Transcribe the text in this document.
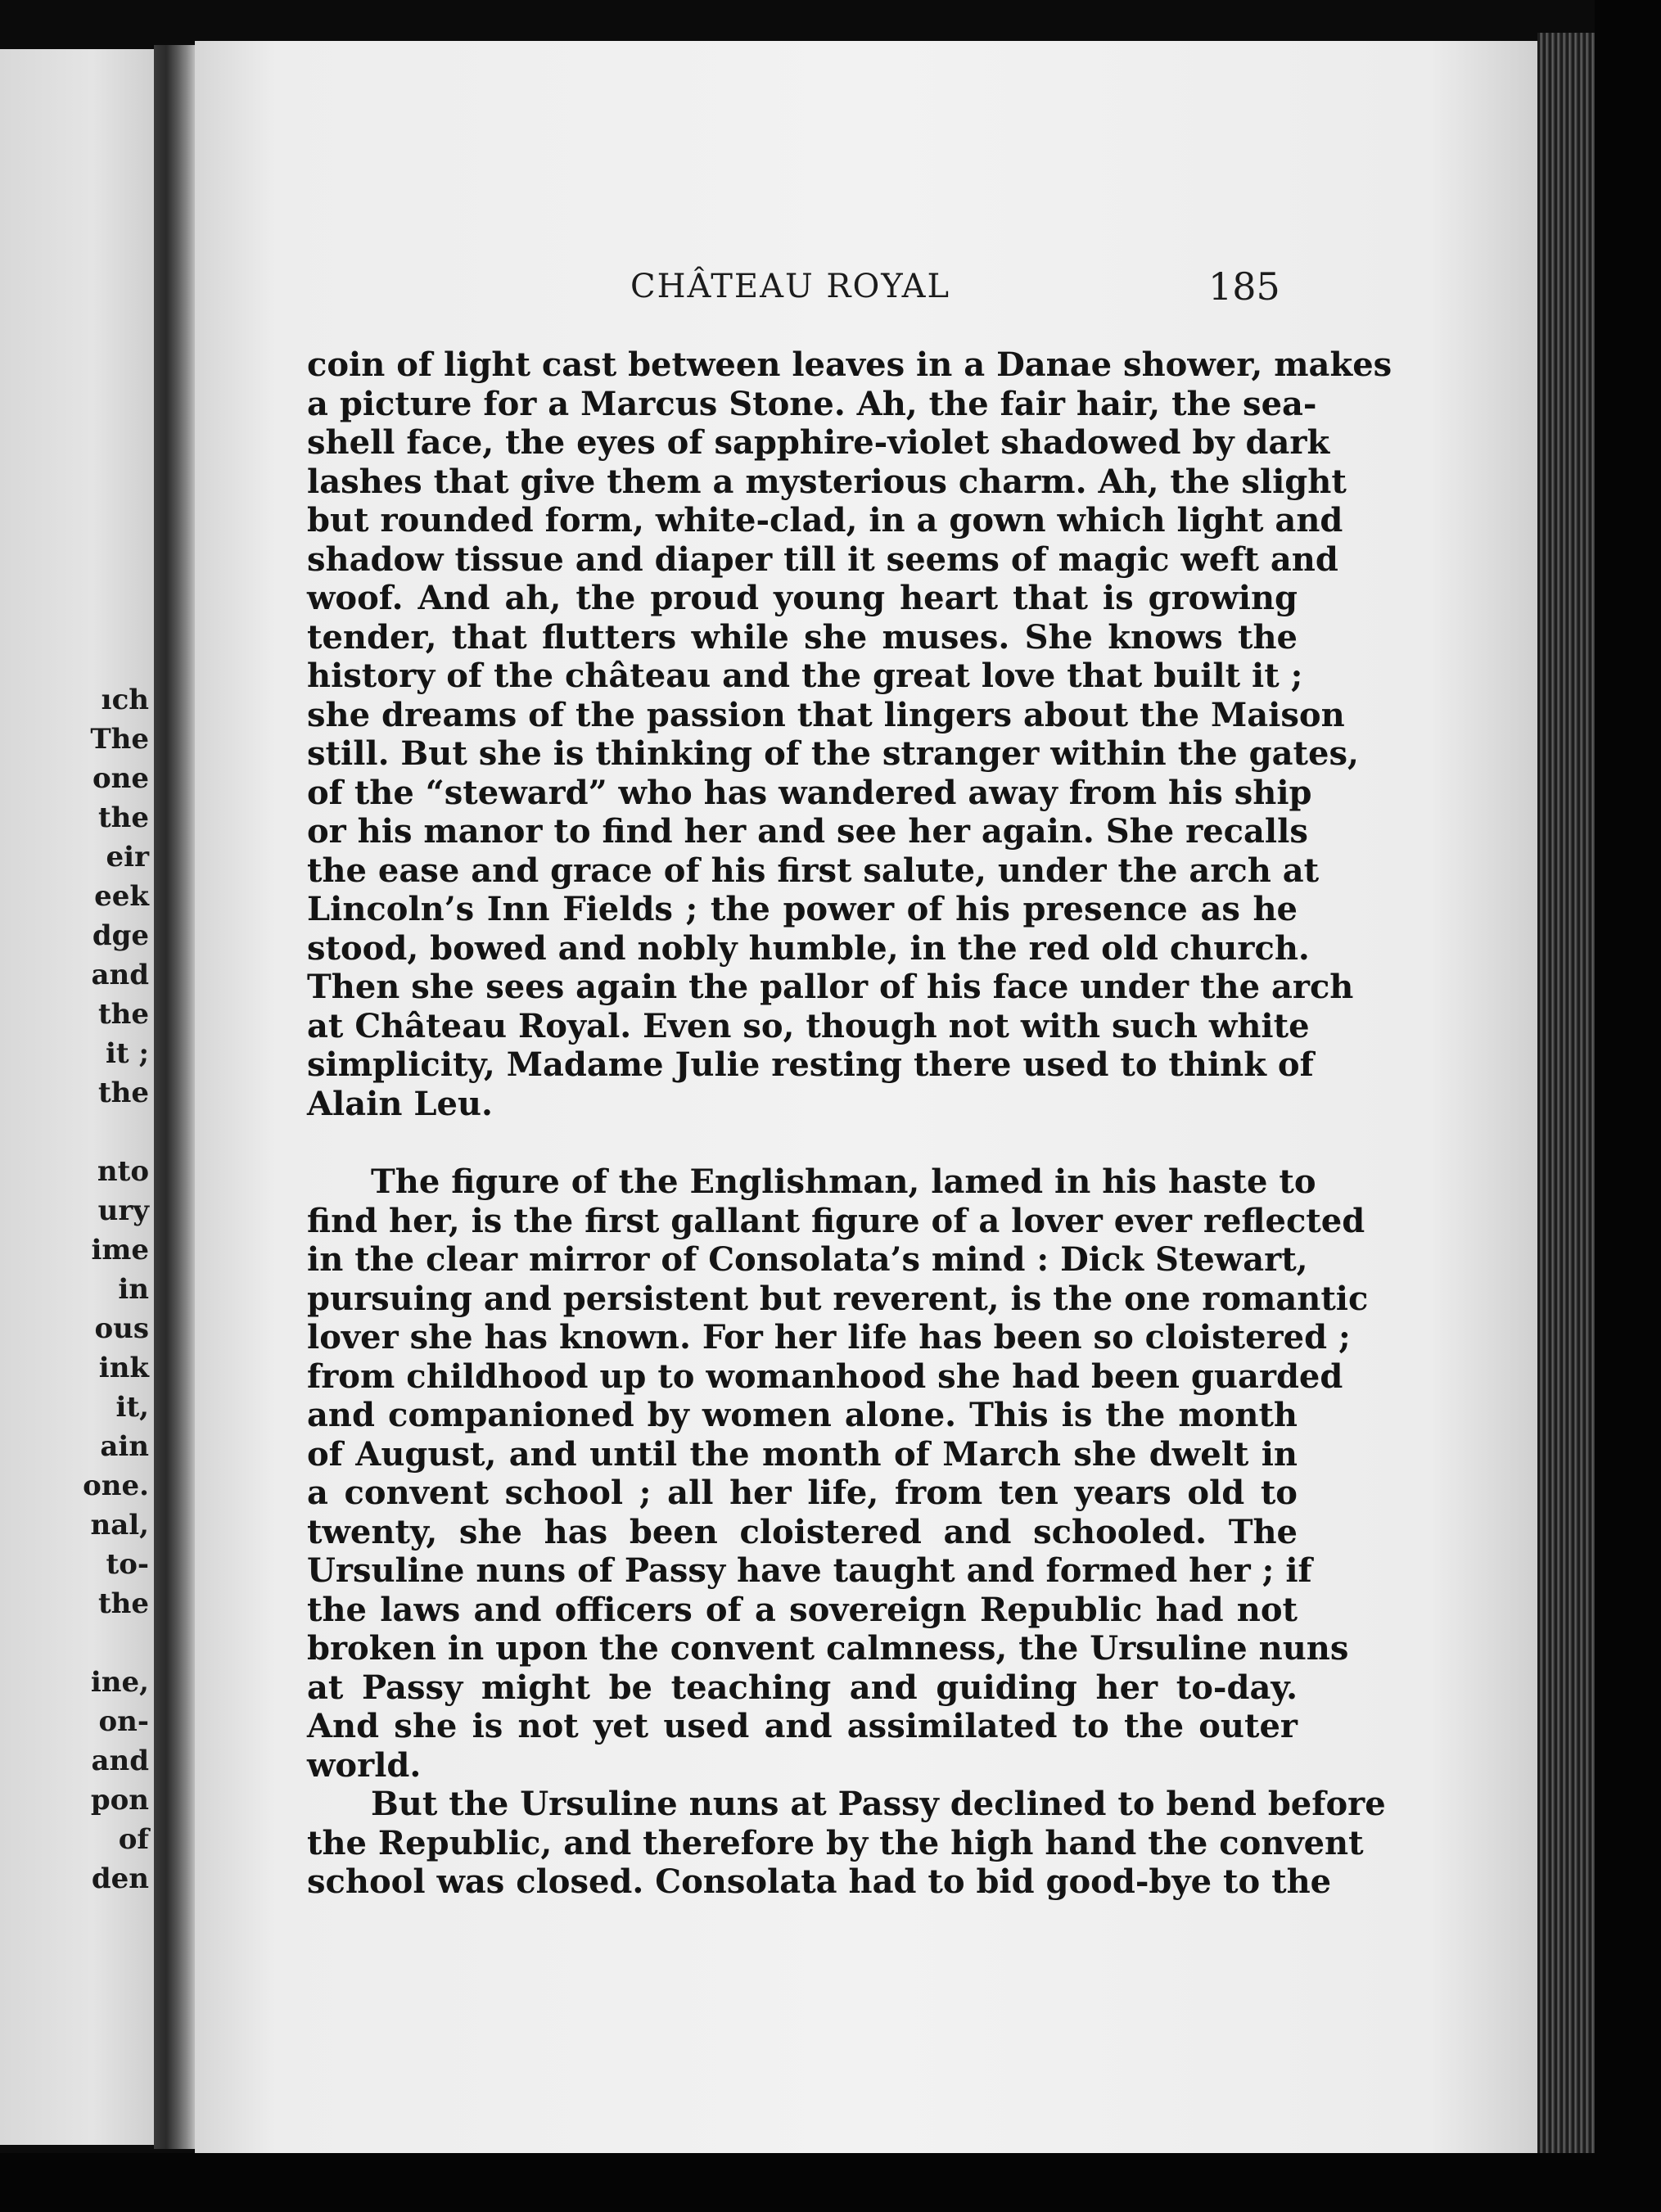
ıch
The
one
the
eir
eek
dge
and
the
it ;
the
nto
ury
ime
in
ous
ink
it,
ain
one.
nal,
to-
the
ine,
on-
and
pon
of
den
CHÂTEAU ROYAL	185
coin of light cast between leaves in a Danae shower, makes
a picture for a Marcus Stone. Ah, the fair hair, the sea-
shell face, the eyes of sapphire-violet shadowed by dark
lashes that give them a mysterious charm. Ah, the slight
but rounded form, white-clad, in a gown which light and
shadow tissue and diaper till it seems of magic weft and
woof. And ah, the proud young heart that is growing
tender, that flutters while she muses. She knows the
history of the château and the great love that built it ;
she dreams of the passion that lingers about the Maison
still. But she is thinking of the stranger within the gates,
of the “steward” who has wandered away from his ship
or his manor to find her and see her again. She recalls
the ease and grace of his first salute, under the arch at
Lincoln’s Inn Fields ; the power of his presence as he
stood, bowed and nobly humble, in the red old church.
Then she sees again the pallor of his face under the arch
at Château Royal. Even so, though not with such white
simplicity, Madame Julie resting there used to think of
Alain Leu.
The figure of the Englishman, lamed in his haste to
find her, is the first gallant figure of a lover ever reflected
in the clear mirror of Consolata’s mind : Dick Stewart,
pursuing and persistent but reverent, is the one romantic
lover she has known. For her life has been so cloistered ;
from childhood up to womanhood she had been guarded
and companioned by women alone. This is the month
of August, and until the month of March she dwelt in
a convent school ; all her life, from ten years old to
twenty, she has been cloistered and schooled. The
Ursuline nuns of Passy have taught and formed her ; if
the laws and officers of a sovereign Republic had not
broken in upon the convent calmness, the Ursuline nuns
at Passy might be teaching and guiding her to-day.
And she is not yet used and assimilated to the outer
world.
But the Ursuline nuns at Passy declined to bend before
the Republic, and therefore by the high hand the convent
school was closed. Consolata had to bid good-bye to the
